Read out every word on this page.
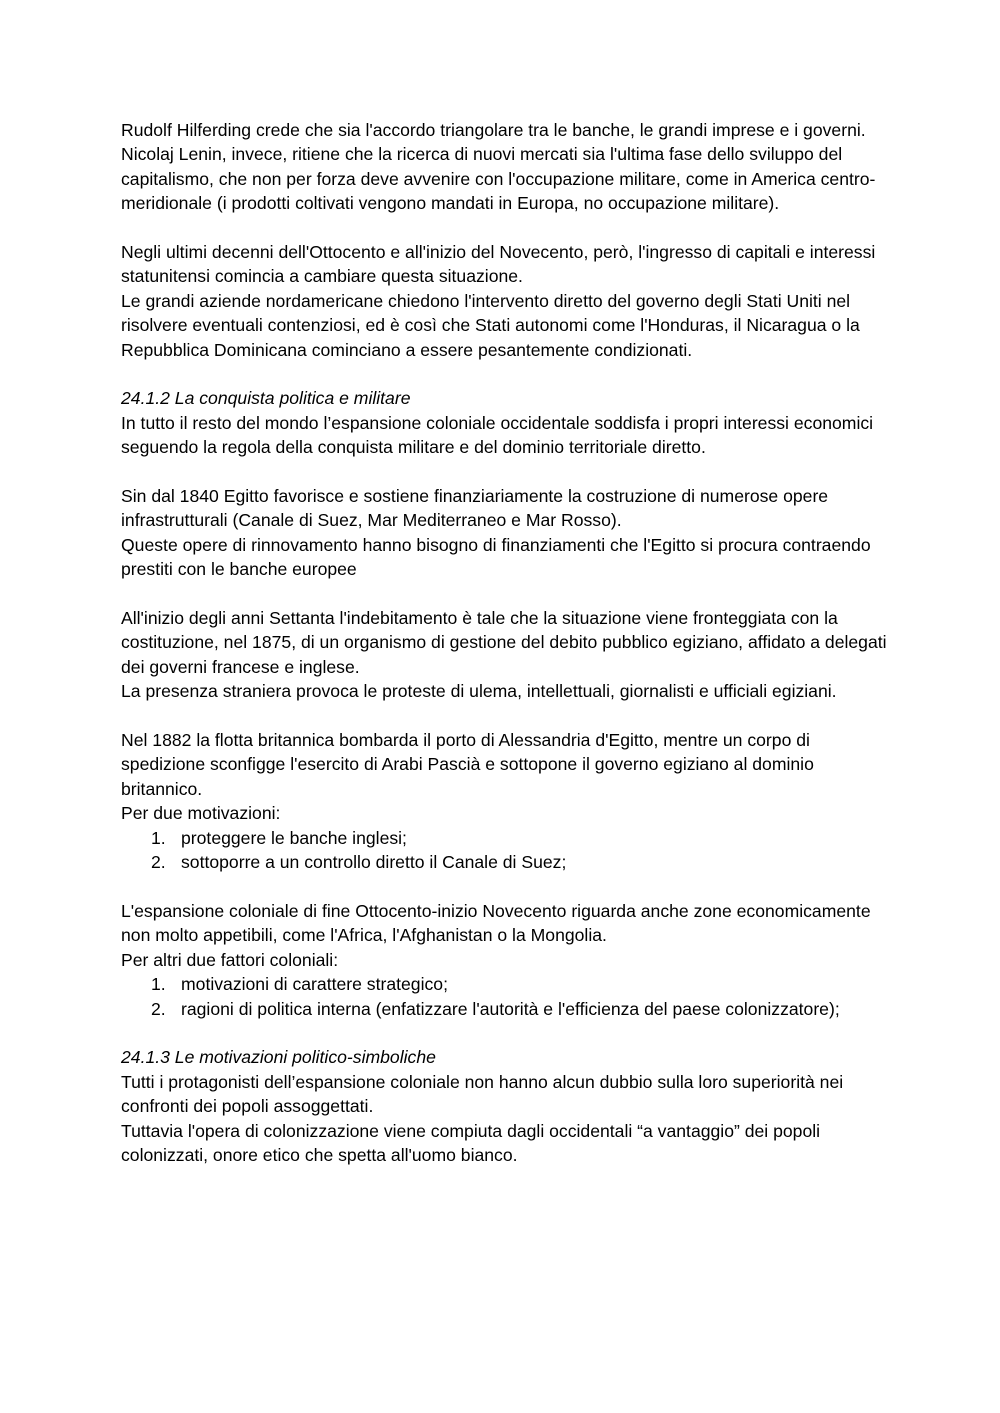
Rudolf Hilferding crede che sia l'accordo triangolare tra le banche, le grandi imprese e i governi.

Nicolaj Lenin, invece, ritiene che la ricerca di nuovi mercati sia l'ultima fase dello sviluppo del capitalismo, che non per forza deve avvenire con l'occupazione militare, come in America centro-meridionale (i prodotti coltivati vengono mandati in Europa, no occupazione militare).

Negli ultimi decenni dell'Ottocento e all'inizio del Novecento, però, l'ingresso di capitali e interessi statunitensi comincia a cambiare questa situazione.

Le grandi aziende nordamericane chiedono l'intervento diretto del governo degli Stati Uniti nel risolvere eventuali contenziosi, ed è così che Stati autonomi come l'Honduras, il Nicaragua o la Repubblica Dominicana cominciano a essere pesantemente condizionati.

24.1.2 La conquista politica e militare

In tutto il resto del mondo l’espansione coloniale occidentale soddisfa i propri interessi economici seguendo la regola della conquista militare e del dominio territoriale diretto.

Sin dal 1840 Egitto favorisce e sostiene finanziariamente la costruzione di numerose opere infrastrutturali (Canale di Suez, Mar Mediterraneo e Mar Rosso).

Queste opere di rinnovamento hanno bisogno di finanziamenti che l'Egitto si procura contraendo prestiti con le banche europee

All'inizio degli anni Settanta l'indebitamento è tale che la situazione viene fronteggiata con la costituzione, nel 1875, di un organismo di gestione del debito pubblico egiziano, affidato a delegati dei governi francese e inglese.

La presenza straniera provoca le proteste di ulema, intellettuali, giornalisti e ufficiali egiziani.

Nel 1882 la flotta britannica bombarda il porto di Alessandria d'Egitto, mentre un corpo di spedizione sconfigge l'esercito di Arabi Pascià e sottopone il governo egiziano al dominio britannico.

Per due motivazioni:

1. proteggere le banche inglesi;
2. sottoporre a un controllo diretto il Canale di Suez;

L'espansione coloniale di fine Ottocento-inizio Novecento riguarda anche zone economicamente non molto appetibili, come l'Africa, l'Afghanistan o la Mongolia.

Per altri due fattori coloniali:

1. motivazioni di carattere strategico;
2. ragioni di politica interna (enfatizzare l'autorità e l'efficienza del paese colonizzatore);

24.1.3 Le motivazioni politico-simboliche

Tutti i protagonisti dell’espansione coloniale non hanno alcun dubbio sulla loro superiorità nei confronti dei popoli assoggettati.

Tuttavia l'opera di colonizzazione viene compiuta dagli occidentali “a vantaggio” dei popoli colonizzati, onore etico che spetta all'uomo bianco.
